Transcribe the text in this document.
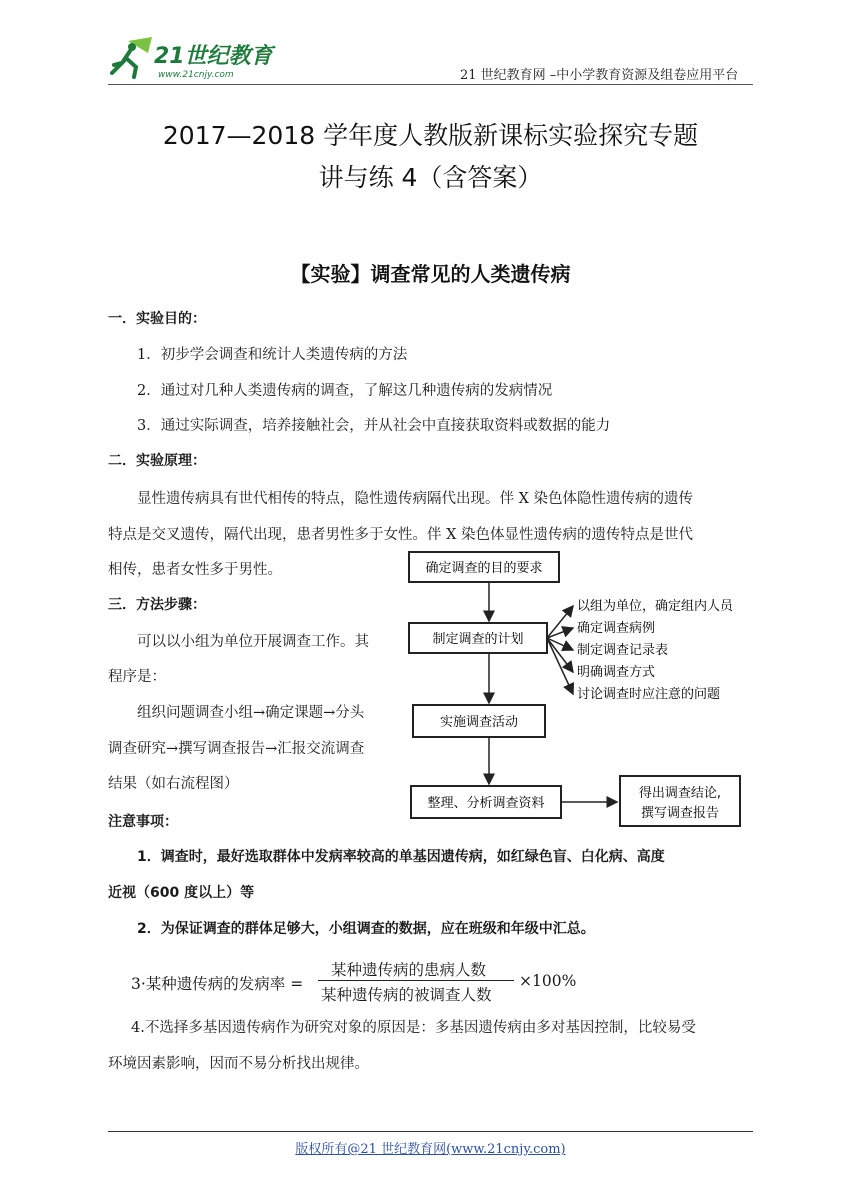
21世纪教育
www.21cnjy.com	21 世纪教育网 –中小学教育资源及组卷应用平台
2017—2018 学年度人教版新课标实验探究专题
讲与练 4（含答案）
【实验】调查常见的人类遗传病
一．实验目的：
1．初步学会调查和统计人类遗传病的方法
2．通过对几种人类遗传病的调查，了解这几种遗传病的发病情况
3．通过实际调查，培养接触社会，并从社会中直接获取资料或数据的能力
二．实验原理：
显性遗传病具有世代相传的特点，隐性遗传病隔代出现。伴 X 染色体隐性遗传病的遗传
特点是交叉遗传，隔代出现，患者男性多于女性。伴 X 染色体显性遗传病的遗传特点是世代
相传，患者女性多于男性。
三．方法步骤：
可以以小组为单位开展调查工作。其
程序是：
组织问题调查小组→确定课题→分头
调查研究→撰写调查报告→汇报交流调查
结果（如右流程图）
确定调查的目的要求
制定调查的计划
以组为单位，确定组内人员
确定调查病例
制定调查记录表
明确调查方式
讨论调查时应注意的问题
实施调查活动
整理、分析调查资料
得出调查结论,
撰写调查报告
注意事项：
1．调查时，最好选取群体中发病率较高的单基因遗传病，如红绿色盲、白化病、高度
近视（600 度以上）等
2．为保证调查的群体足够大，小组调查的数据，应在班级和年级中汇总。
3·某种遗传病的发病率 =
某种遗传病的患病人数
某种遗传病的被调查人数
×100%
4.不选择多基因遗传病作为研究对象的原因是：多基因遗传病由多对基因控制，比较易受
环境因素影响，因而不易分析找出规律。
版权所有@21 世纪教育网(www.21cnjy.com)
